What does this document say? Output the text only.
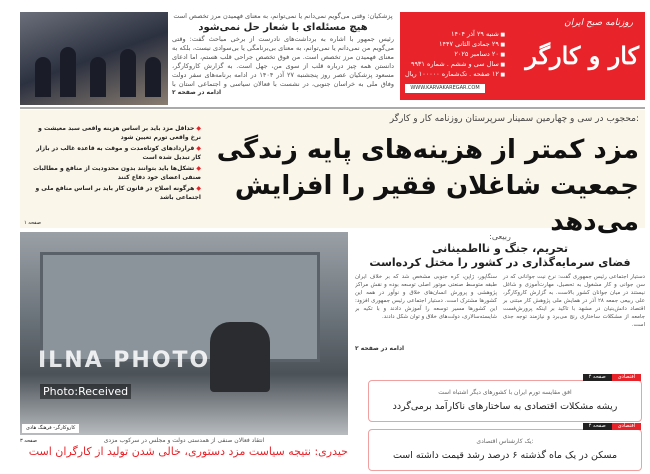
روزنامه صبح ایران
کار و کارگر
■ شنبه ۲۹ آذر ۱۴۰۴
■ ۲۹ جمادی الثانی ۱۴۴۷
■ ۲۰ دسامبر ۲۰۲۵
■ سال سی و ششم . شماره ۹۹۳۱
■ ۱۲ صفحه . تک‌شماره ۱۰۰۰۰۰ ریال
WWW.KARVAKAREGAR.COM
پزشکیان: وقتی می‌گویم نمی‌دانم یا نمی‌توانم، به معنای فهمیدن مرز تخصص است
هیچ مسئله‌ای با شعار حل نمی‌شود

رئیس جمهور با اشاره به برداشت‌های نادرست از برخی مباحث گفت: وقتی می‌گویم من نمی‌دانم یا نمی‌توانم، به معنای بی‌برنامگی یا بی‌سوادی نیست، بلکه به معنای فهمیدن مرز تخصص است. من فوق تخصص جراحی قلب هستم، اما ادعای دانستن همه چیز درباره قلب از سوی من، جهل است. به گزارش کاروکارگر، مسعود پزشکیان عصر روز پنجشنبه ۲۷ آذر ۱۴۰۴ در ادامه برنامه‌های سفر دولت وفاق ملی به خراسان جنوبی، در نشست با فعالان سیاسی و اجتماعی استان با

ادامه در صفحه ۲
محجوب در سی و چهارمین سمینار سرپرستان روزنامه کار و کارگر:
مزد کمتر از هزینه‌های پایه زندگی جمعیت شاغلان فقیر را افزایش می‌دهد
◆ حداقل مزد باید بر اساس هزینه واقعی سبد معیشت و نرخ واقعی تورم تعیین شود
◆ قراردادهای کوتاه‌مدت و موقت به قاعده غالب در بازار کار تبدیل شده است
◆ تشکل‌ها باید بتوانند بدون محدودیت از منافع و مطالبات صنفی اعضای خود دفاع کنند
◆ هرگونه اصلاح در قانون کار باید بر اساس منافع ملی و اجتماعی باشد
صفحه ۱
ILNA PHOTO
Photo:Received
کاروکارگر- فرهنگ هادی
انتقاد فعالان صنفی از همدستی دولت و مجلس در سرکوب مزدی
حیدری: نتیجه سیاست مزد دستوری، خالی شدن تولید از کارگران است
صفحه ۳
ربیعی:
تحریم، جنگ و نااطمینانی
فضای سرمایه‌گذاری در کشور را مختل کرده‌است

دستیار اجتماعی رئیس جمهوری گفت: نرخ نیت جوانانی که در سن جوانی و کار مشغول به تحصیل، مهارت‌آموزی و شاغل نیستند در میان جوانان کشور بالاست. به گزارش کاروکارگر، علی ربیعی جمعه ۲۸ آذر در همایش ملی پژوهش کار مبتنی بر اقتصاد دانش‌بنیان در مشهد با تاکید بر اینکه پرورش‌فست جامعه از مشکلات ساختاری رنج می‌برد و نیازمند توجه جدی است.

سنگاپور، ژاپن، کره جنوبی مشخص شد که بر خلاف ایران طبقه متوسط صنعتی موتور اصلی توسعه بوده و نقش مراکز پژوهشی و پرورش انسان‌های خلاق و نوآور در همه این کشورها مشترک است. دستیار اجتماعی رئیس جمهوری افزود: این کشورها مسیر توسعه را آموزش دادند و با تکیه بر شایسته‌سالاری، دولت‌های خلاق و توان شکل دادند.

ادامه در صفحه ۲
صفحه ۴	اقتصادی
افق مقایسه تورم ایران با کشورهای دیگر اشتباه است
ریشه مشکلات اقتصادی به ساختارهای ناکارآمد برمی‌گردد
صفحه ۴	اقتصادی
یک کارشناس اقتصادی:
مسکن در یک ماه گذشته ۶ درصد رشد قیمت داشته است
